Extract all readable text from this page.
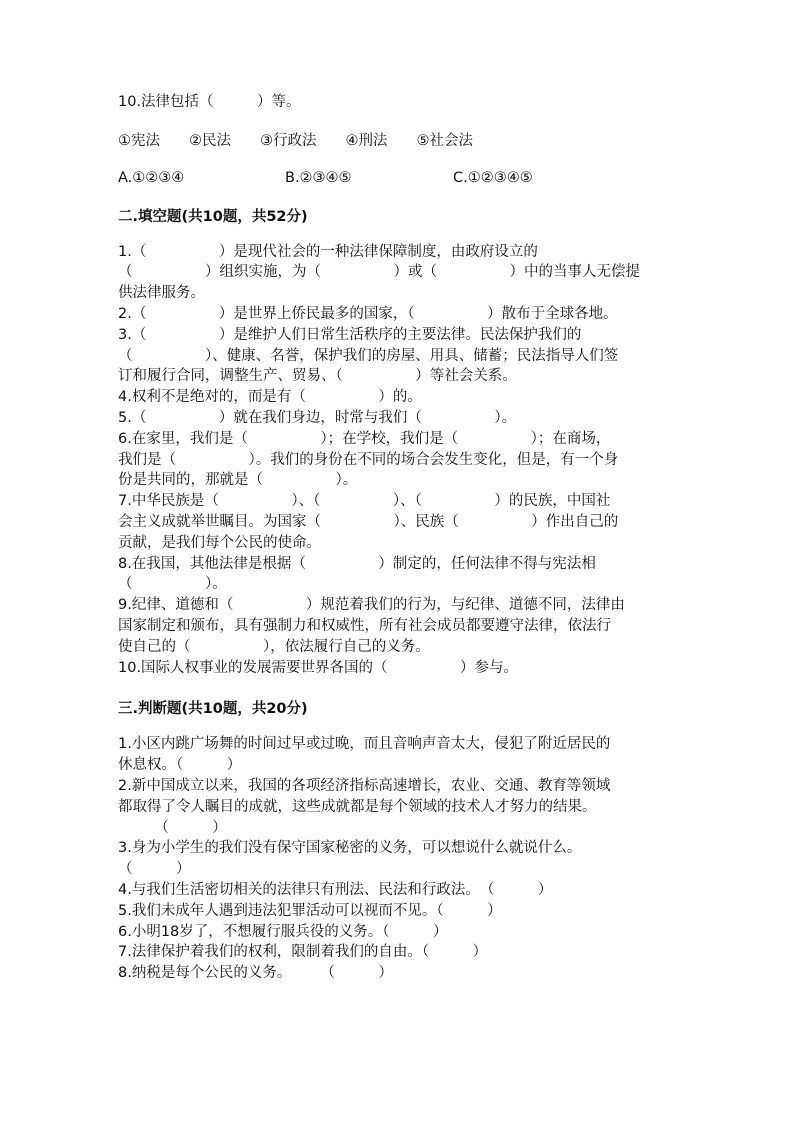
10.法律包括（　　　）等。
①宪法　　②民法　　③行政法　　④刑法　　⑤社会法
A.①②③④	B.②③④⑤	C.①②③④⑤
二.填空题(共10题，共52分)
1.（　　　　　）是现代社会的一种法律保障制度，由政府设立的
（　　　　　）组织实施，为（　　　　　）或（　　　　　）中的当事人无偿提
供法律服务。
2.（　　　　　）是世界上侨民最多的国家，（　　　　　）散布于全球各地。
3.（　　　　　）是维护人们日常生活秩序的主要法律。民法保护我们的
（　　　　　）、健康、名誉，保护我们的房屋、用具、储蓄；民法指导人们签
订和履行合同，调整生产、贸易、（　　　　　）等社会关系。
4.权利不是绝对的，而是有（　　　　　）的。
5.（　　　　　）就在我们身边，时常与我们（　　　　　）。
6.在家里，我们是（　　　　　）；在学校，我们是（　　　　　）；在商场，
我们是（　　　　　）。我们的身份在不同的场合会发生变化，但是，有一个身
份是共同的，那就是（　　　　　）。
7.中华民族是（　　　　　）、（　　　　　）、（　　　　　）的民族，中国社
会主义成就举世瞩目。为国家（　　　　　）、民族（　　　　　）作出自己的
贡献，是我们每个公民的使命。
8.在我国，其他法律是根据（　　　　　）制定的，任何法律不得与宪法相
（　　　　　）。
9.纪律、道德和（　　　　　）规范着我们的行为，与纪律、道德不同，法律由
国家制定和颁布，具有强制力和权威性，所有社会成员都要遵守法律，依法行
使自己的（　　　　　），依法履行自己的义务。
10.国际人权事业的发展需要世界各国的（　　　　　）参与。
三.判断题(共10题，共20分)
1.小区内跳广场舞的时间过早或过晚，而且音响声音太大，侵犯了附近居民的
休息权。（　　　）
2.新中国成立以来，我国的各项经济指标高速增长，农业、交通、教育等领域
都取得了令人瞩目的成就，这些成就都是每个领域的技术人才努力的结果。
　　　（　　　）
3.身为小学生的我们没有保守国家秘密的义务，可以想说什么就说什么。
（　　　）
4.与我们生活密切相关的法律只有刑法、民法和行政法。　（　　　）
5.我们未成年人遇到违法犯罪活动可以视而不见。（　　　）
6.小明18岁了，不想履行服兵役的义务。（　　　）
7.法律保护着我们的权利，限制着我们的自由。（　　　）
8.纳税是每个公民的义务。　　　（　　　）
